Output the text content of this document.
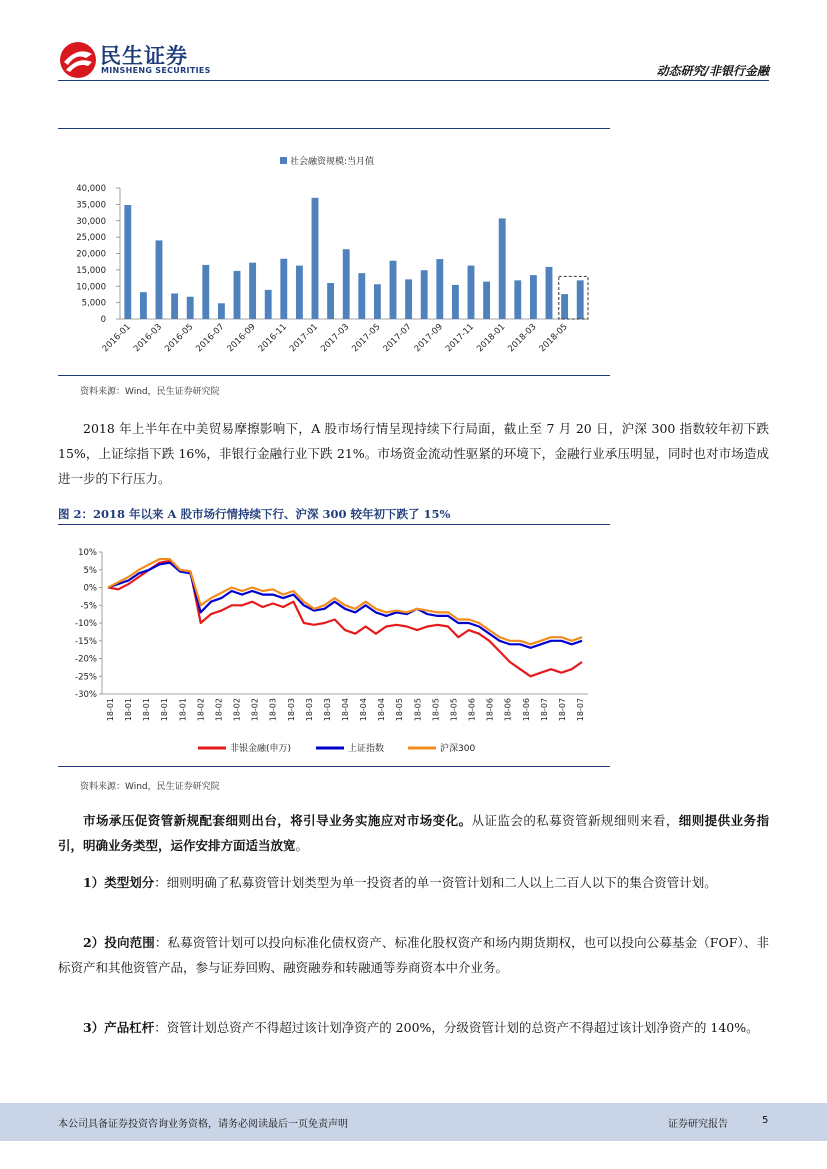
民生证券
MINSHENG SECURITIES	动态研究/非银行金融
社会融资规模:当月值
40,000
35,000
30,000
25,000
20,000
15,000
10,000
5,000
0
2016-01 2016-03 2016-05 2016-07 2016-09 2016-11 2017-01 2017-03 2017-05 2017-07 2017-09 2017-11 2018-01 2018-03 2018-05
资料来源：Wind，民生证券研究院
2018 年上半年在中美贸易摩擦影响下，A 股市场行情呈现持续下行局面，截止至 7 月 20 日，沪深 300 指数较年初下跌 15%，上证综指下跌 16%，非银行金融行业下跌 21%。市场资金流动性驱紧的环境下，金融行业承压明显，同时也对市场造成进一步的下行压力。
图 2：2018 年以来 A 股市场行情持续下行、沪深 300 较年初下跌了 15%
10%
5%
0%
-5%
-10%
-15%
-20%
-25%
-30%
18-01 18-01 18-01 18-01 18-01 18-02 18-02 18-02 18-02 18-03 18-03 18-03 18-03 18-04 18-04 18-04 18-05 18-05 18-05 18-05 18-06 18-06 18-06 18-06 18-07 18-07 18-07
非银金融(申万)	上证指数	沪深300
资料来源：Wind，民生证券研究院
市场承压促资管新规配套细则出台，将引导业务实施应对市场变化。从证监会的私募资管新规细则来看，细则提供业务指引，明确业务类型，运作安排方面适当放宽。
1）类型划分：细则明确了私募资管计划类型为单一投资者的单一资管计划和二人以上二百人以下的集合资管计划。
2）投向范围：私募资管计划可以投向标准化债权资产、标准化股权资产和场内期货期权，也可以投向公募基金（FOF）、非标资产和其他资管产品，参与证券回购、融资融券和转融通等券商资本中介业务。
3）产品杠杆：资管计划总资产不得超过该计划净资产的 200%，分级资管计划的总资产不得超过该计划净资产的 140%。
本公司具备证券投资咨询业务资格，请务必阅读最后一页免责声明	证券研究报告	5
